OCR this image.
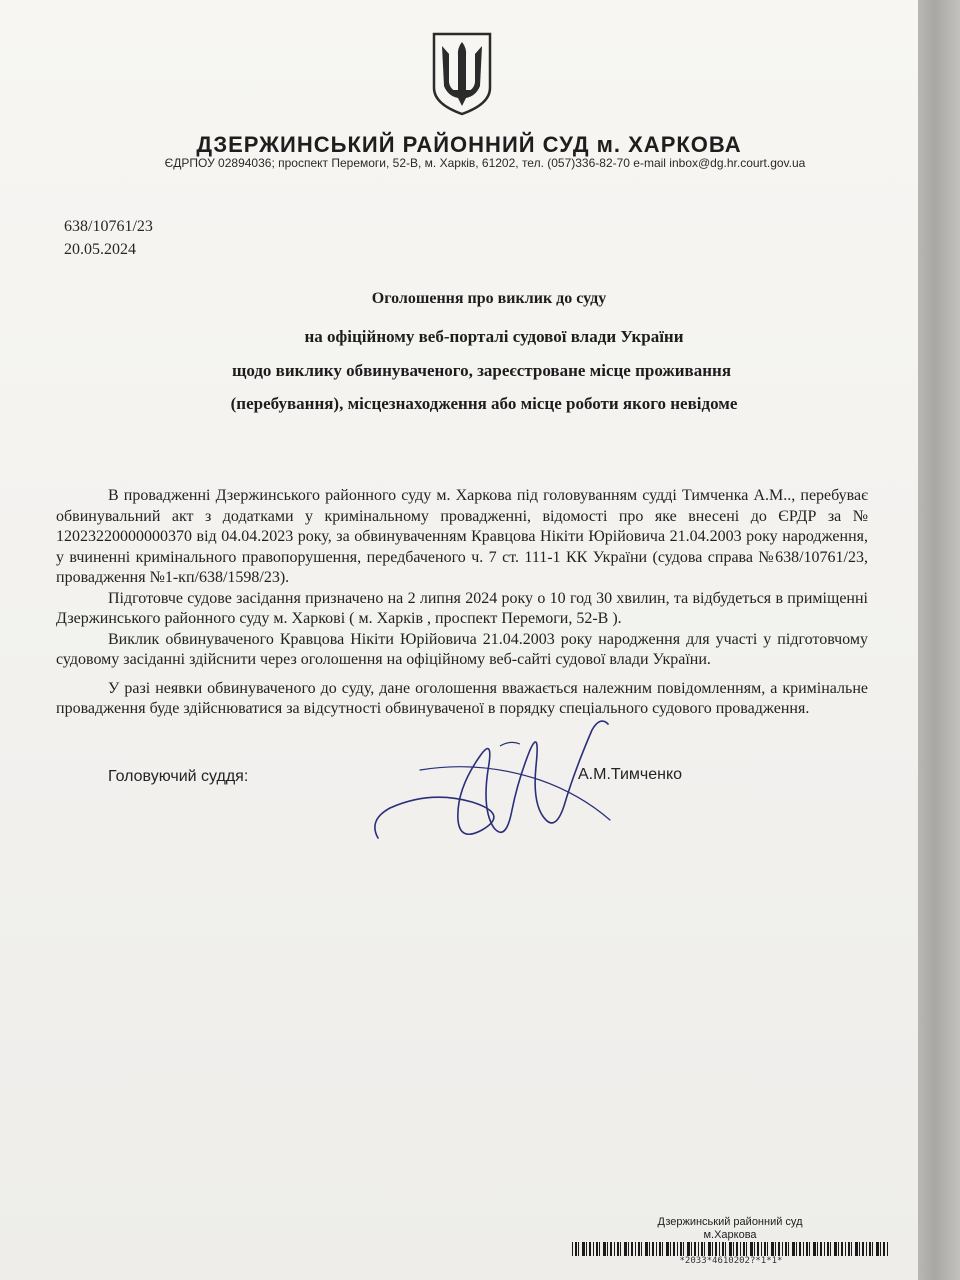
ДЗЕРЖИНСЬКИЙ РАЙОННИЙ СУД м. ХАРКОВА
ЄДРПОУ 02894036; проспект Перемоги, 52-В, м. Харків, 61202, тел. (057)336-82-70 e-mail inbox@dg.hr.court.gov.ua
638/10761/23
20.05.2024
Оголошення про виклик до суду
на офіційному веб-порталі судової влади України
щодо виклику обвинуваченого, зареєстроване місце проживання
(перебування), місцезнаходження або місце роботи якого невідоме

В провадженні Дзержинського районного суду м. Харкова під головуванням судді Тимченка А.М.., перебуває обвинувальний акт з додатками у кримінальному провадженні, відомості про яке внесені до ЄРДР за № 12023220000000370 від 04.04.2023 року, за обвинуваченням Кравцова Нікіти Юрійовича 21.04.2003 року народження, у вчиненні кримінального правопорушення, передбаченого ч. 7 ст. 111-1 КК України (судова справа №638/10761/23, провадження №1-кп/638/1598/23).

Підготовче судове засідання призначено на 2 липня 2024 року о 10 год 30 хвилин, та відбудеться в приміщенні Дзержинського районного суду м. Харкові ( м. Харків , проспект Перемоги, 52-В ).

Виклик обвинуваченого Кравцова Нікіти Юрійовича 21.04.2003 року народження для участі у підготовчому судовому засіданні здійснити через оголошення на офіційному веб-сайті судової влади України.

У разі неявки обвинуваченого до суду, дане оголошення вважається належним повідомленням, а кримінальне провадження буде здійснюватися за відсутності обвинуваченої в порядку спеціального судового провадження.

Головуючий суддя:	А.М.Тимченко
Дзержинський районний суд
м.Харкова
*2033*4610202?*1*1*
